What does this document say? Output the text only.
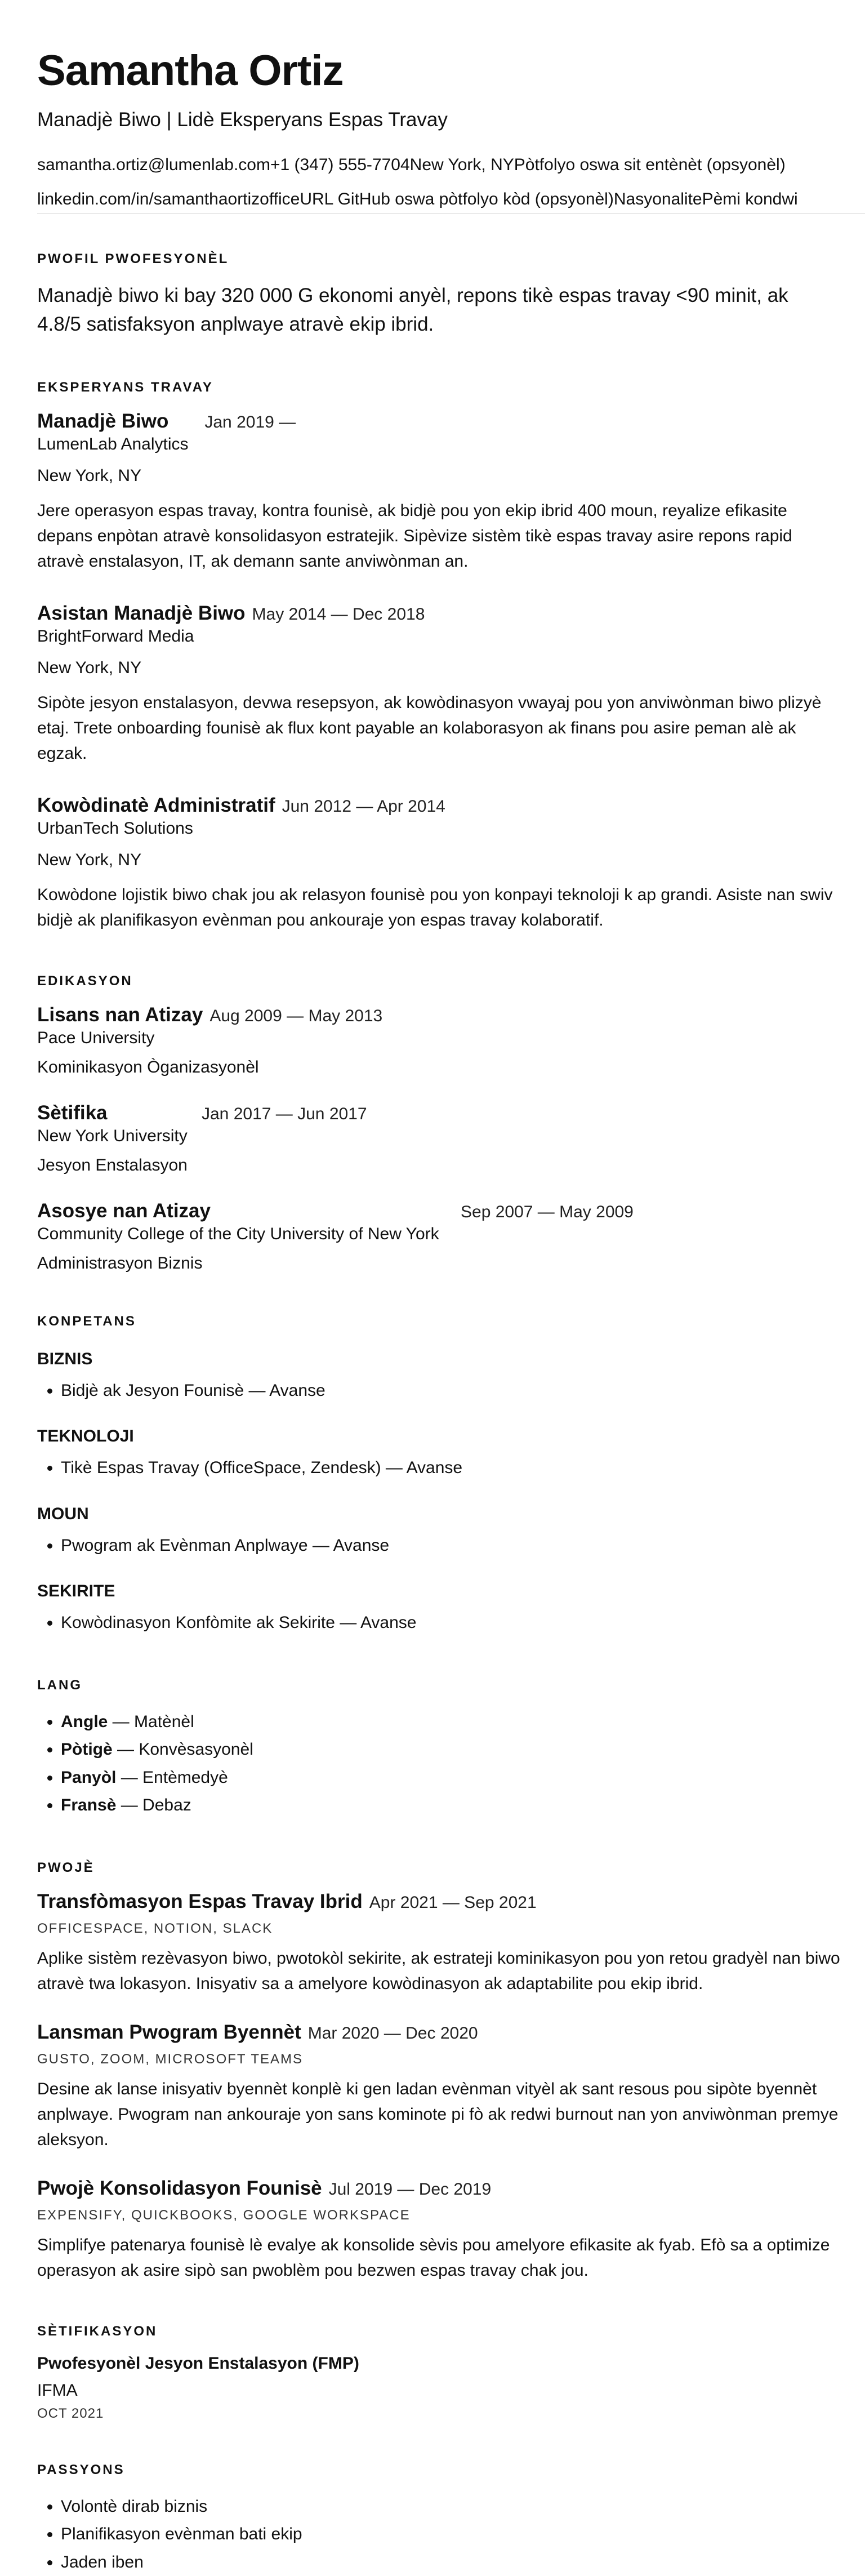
Samantha Ortiz
Manadjè Biwo | Lidè Eksperyans Espas Travay
samantha.ortiz@lumenlab.com +1 (347) 555-7704 New York, NY Pòtfolyo oswa sit entènèt (opsyonèl)
linkedin.com/in/samanthaortizofficeURL GitHub oswa pòtfolyo kòd (opsyonèl) Nasyonalite Pèmi kondwi
PWOFIL PWOFESYONÈL
Manadjè biwo ki bay 320 000 G ekonomi anyèl, repons tikè espas travay <90 minit, ak 4.8/5 satisfaksyon anplwaye atravè ekip ibrid.
EKSPERYANS TRAVAY
Manadjè Biwo Jan 2019 —
LumenLab Analytics
New York, NY
Jere operasyon espas travay, kontra founisè, ak bidjè pou yon ekip ibrid 400 moun, reyalize efikasite depans enpòtan atravè konsolidasyon estratejik. Sipèvize sistèm tikè espas travay asire repons rapid atravè enstalasyon, IT, ak demann sante anviwònman an.
Asistan Manadjè Biwo May 2014 — Dec 2018
BrightForward Media
New York, NY
Sipòte jesyon enstalasyon, devwa resepsyon, ak kowòdinasyon vwayaj pou yon anviwònman biwo plizyè etaj. Trete onboarding founisè ak flux kont payable an kolaborasyon ak finans pou asire peman alè ak egzak.
Kowòdinatè Administratif Jun 2012 — Apr 2014
UrbanTech Solutions
New York, NY
Kowòdone lojistik biwo chak jou ak relasyon founisè pou yon konpayi teknoloji k ap grandi. Asiste nan swiv bidjè ak planifikasyon evènman pou ankouraje yon espas travay kolaboratif.
EDIKASYON
Lisans nan Atizay Aug 2009 — May 2013
Pace University
Kominikasyon Òganizasyonèl
Sètifika	Jan 2017 — Jun 2017
New York University
Jesyon Enstalasyon
Asosye nan Atizay	Sep 2007 — May 2009
Community College of the City University of New York
Administrasyon Biznis
KONPETANS
BIZNIS
• Bidjè ak Jesyon Founisè — Avanse
TEKNOLOJI
• Tikè Espas Travay (OfficeSpace, Zendesk) — Avanse
MOUN
• Pwogram ak Evènman Anplwaye — Avanse
SEKIRITE
• Kowòdinasyon Konfòmite ak Sekirite — Avanse
LANG
• Angle — Matènèl
• Pòtigè — Konvèsasyonèl
• Panyòl — Entèmedyè
• Fransè — Debaz
PWOJÈ
Transfòmasyon Espas Travay Ibrid Apr 2021 — Sep 2021
OFFICESPACE, NOTION, SLACK
Aplike sistèm rezèvasyon biwo, pwotokòl sekirite, ak estrateji kominikasyon pou yon retou gradyèl nan biwo atravè twa lokasyon. Inisyativ sa a amelyore kowòdinasyon ak adaptabilite pou ekip ibrid.
Lansman Pwogram Byennèt Mar 2020 — Dec 2020
GUSTO, ZOOM, MICROSOFT TEAMS
Desine ak lanse inisyativ byennèt konplè ki gen ladan evènman vityèl ak sant resous pou sipòte byennèt anplwaye. Pwogram nan ankouraje yon sans kominote pi fò ak redwi burnout nan yon anviwònman premye aleksyon.
Pwojè Konsolidasyon Founisè Jul 2019 — Dec 2019
EXPENSIFY, QUICKBOOKS, GOOGLE WORKSPACE
Simplifye patenarya founisè lè evalye ak konsolide sèvis pou amelyore efikasite ak fyab. Efò sa a optimize operasyon ak asire sipò san pwoblèm pou bezwen espas travay chak jou.
SÈTIFIKASYON
Pwofesyonèl Jesyon Enstalasyon (FMP)
IFMA
OCT 2021
PASSYONS
• Volontè dirab biznis
• Planifikasyon evènman bati ekip
• Jaden iben
